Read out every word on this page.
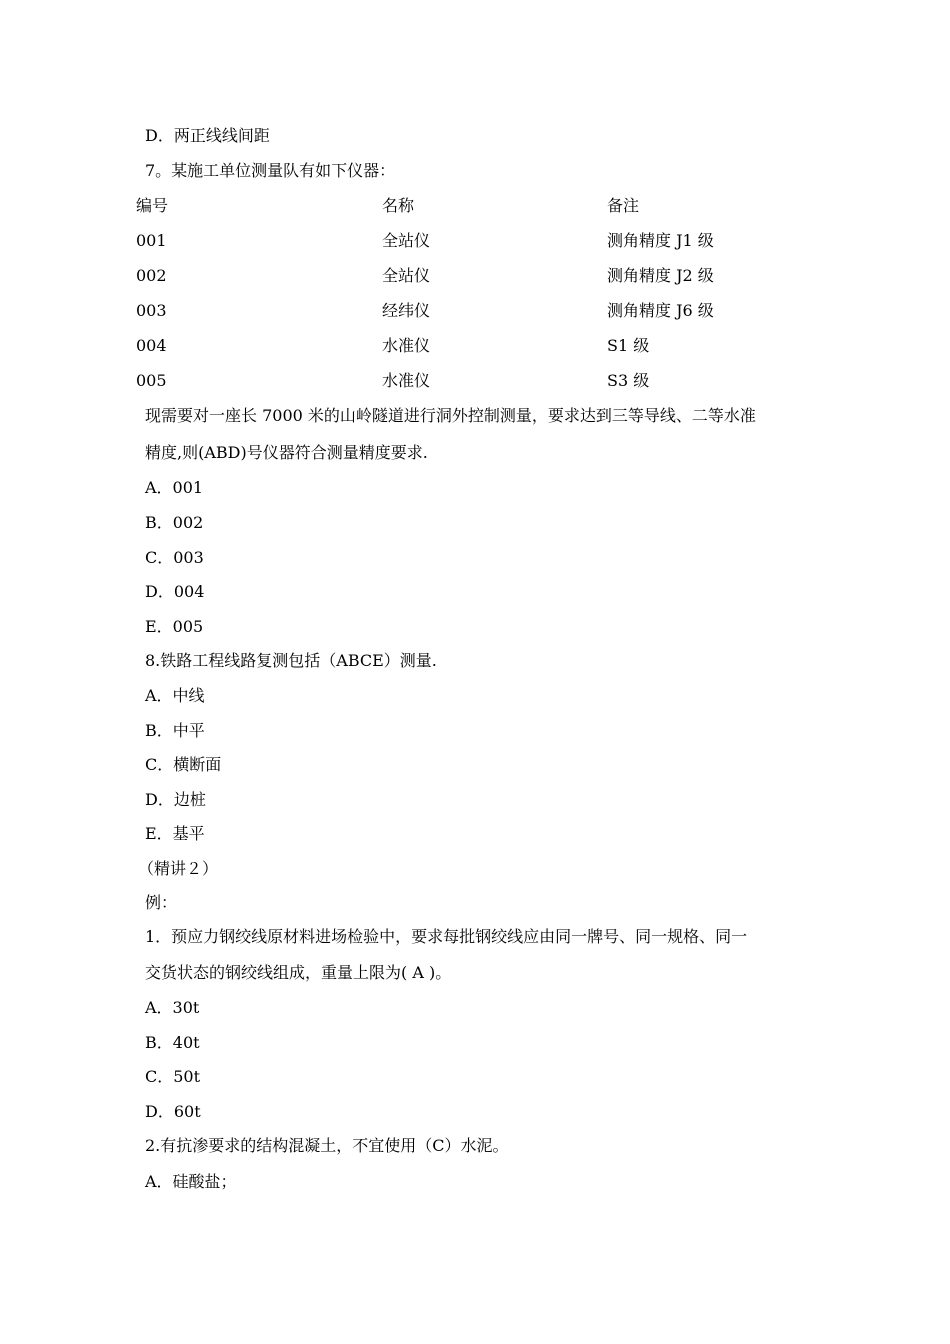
D．两正线线间距
7。某施工单位测量队有如下仪器：
编号	名称	备注
001	全站仪	测角精度 J1 级
002	全站仪	测角精度 J2 级
003	经纬仪	测角精度 J6 级
004	水准仪	S1 级
005	水准仪	S3 级
现需要对一座长 7000 米的山岭隧道进行洞外控制测量，要求达到三等导线、二等水准
精度,则(ABD)号仪器符合测量精度要求.
A．001
B．002
C．003
D．004
E．005
8.铁路工程线路复测包括（ABCE）测量.
A．中线
B．中平
C．横断面
D．边桩
E．基平
（精讲２）
例：
1．预应力钢绞线原材料进场检验中，要求每批钢绞线应由同一牌号、同一规格、同一
交货状态的钢绞线组成，重量上限为( A )。
A．30t
B．40t
C．50t
D．60t
2.有抗渗要求的结构混凝土，不宜使用（C）水泥。
A．硅酸盐；
